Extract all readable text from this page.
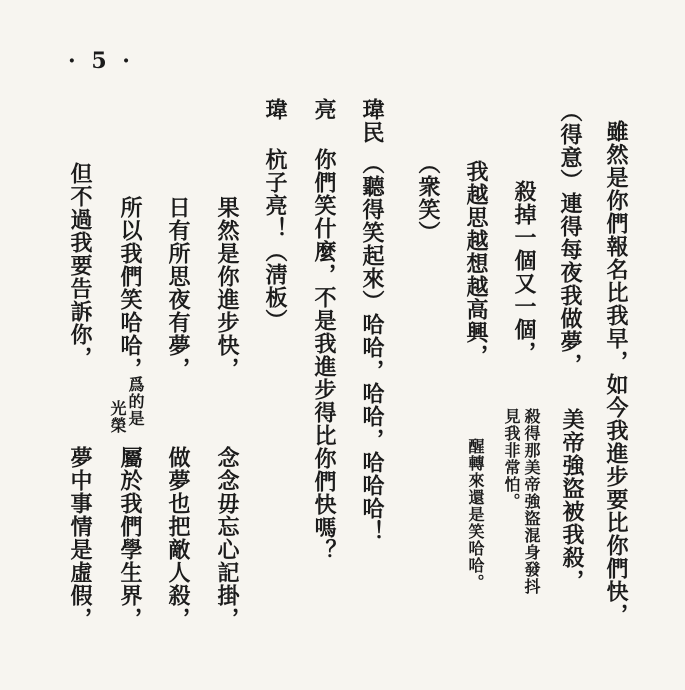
· 5 ·
雖然是你們報名比我早，如今我進步要比你們快，
（得意）連得每夜我做夢，
美帝強盜被我殺，
殺掉一個又一個，
殺得那美帝強盜混身發抖
見我非常怕。
我越思越想越高興，
醒轉來還是笑哈哈。
（衆笑）
瑋民
（聽得笑起來）哈哈，哈哈，哈哈哈！
亮
你們笑什麼，不是我進步得比你們快嗎？
瑋
杭子亮！（淸板）
果然是你進步快，
念念毋忘心記掛，
日有所思夜有夢，
做夢也把敵人殺，
所以我們笑哈哈，
爲的是
光榮
屬於我們學生界，
但不過我要告訴你，
夢中事情是虛假，
